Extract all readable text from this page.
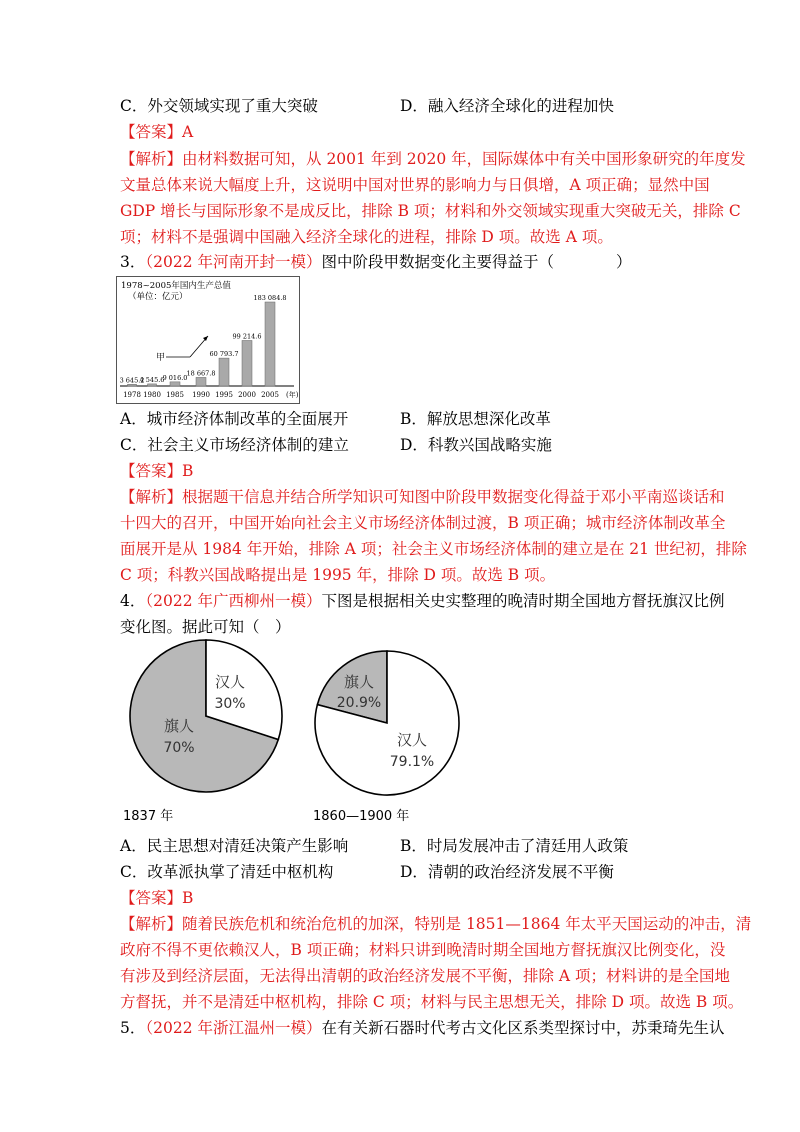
C．外交领域实现了重大突破	D．融入经济全球化的进程加快
【答案】A
【解析】由材料数据可知，从 2001 年到 2020 年，国际媒体中有关中国形象研究的年度发
文量总体来说大幅度上升，这说明中国对世界的影响力与日俱增，A 项正确；显然中国
GDP 增长与国际形象不是成反比，排除 B 项；材料和外交领域实现重大突破无关，排除 C
项；材料不是强调中国融入经济全球化的进程，排除 D 项。故选 A 项。
3．（2022 年河南开封一模）图中阶段甲数据变化主要得益于（　　　　）
1978~2005年国内生产总值
（单位：亿元）
3 645.2
1978
4 545.6
1980
9 016.0
1985
18 667.8
1990
60 793.7
1995
99 214.6
2000
183 084.8
2005 (年)
甲
A．城市经济体制改革的全面展开	B．解放思想深化改革
C．社会主义市场经济体制的建立	D．科教兴国战略实施
【答案】B
【解析】根据题干信息并结合所学知识可知图中阶段甲数据变化得益于邓小平南巡谈话和
十四大的召开，中国开始向社会主义市场经济体制过渡，B 项正确；城市经济体制改革全
面展开是从 1984 年开始，排除 A 项；社会主义市场经济体制的建立是在 21 世纪初，排除
C 项；科教兴国战略提出是 1995 年，排除 D 项。故选 B 项。
4．（2022 年广西柳州一模）下图是根据相关史实整理的晚清时期全国地方督抚旗汉比例
变化图。据此可知（　）
汉人
30%
旗人
70%
1837 年
旗人
20.9%
汉人
79.1%
1860—1900 年
A．民主思想对清廷决策产生影响	B．时局发展冲击了清廷用人政策
C．改革派执掌了清廷中枢机构	D．清朝的政治经济发展不平衡
【答案】B
【解析】随着民族危机和统治危机的加深，特别是 1851—1864 年太平天国运动的冲击，清
政府不得不更依赖汉人，B 项正确；材料只讲到晚清时期全国地方督抚旗汉比例变化，没
有涉及到经济层面，无法得出清朝的政治经济发展不平衡，排除 A 项；材料讲的是全国地
方督抚，并不是清廷中枢机构，排除 C 项；材料与民主思想无关，排除 D 项。故选 B 项。
5．（2022 年浙江温州一模）在有关新石器时代考古文化区系类型探讨中，苏秉琦先生认
